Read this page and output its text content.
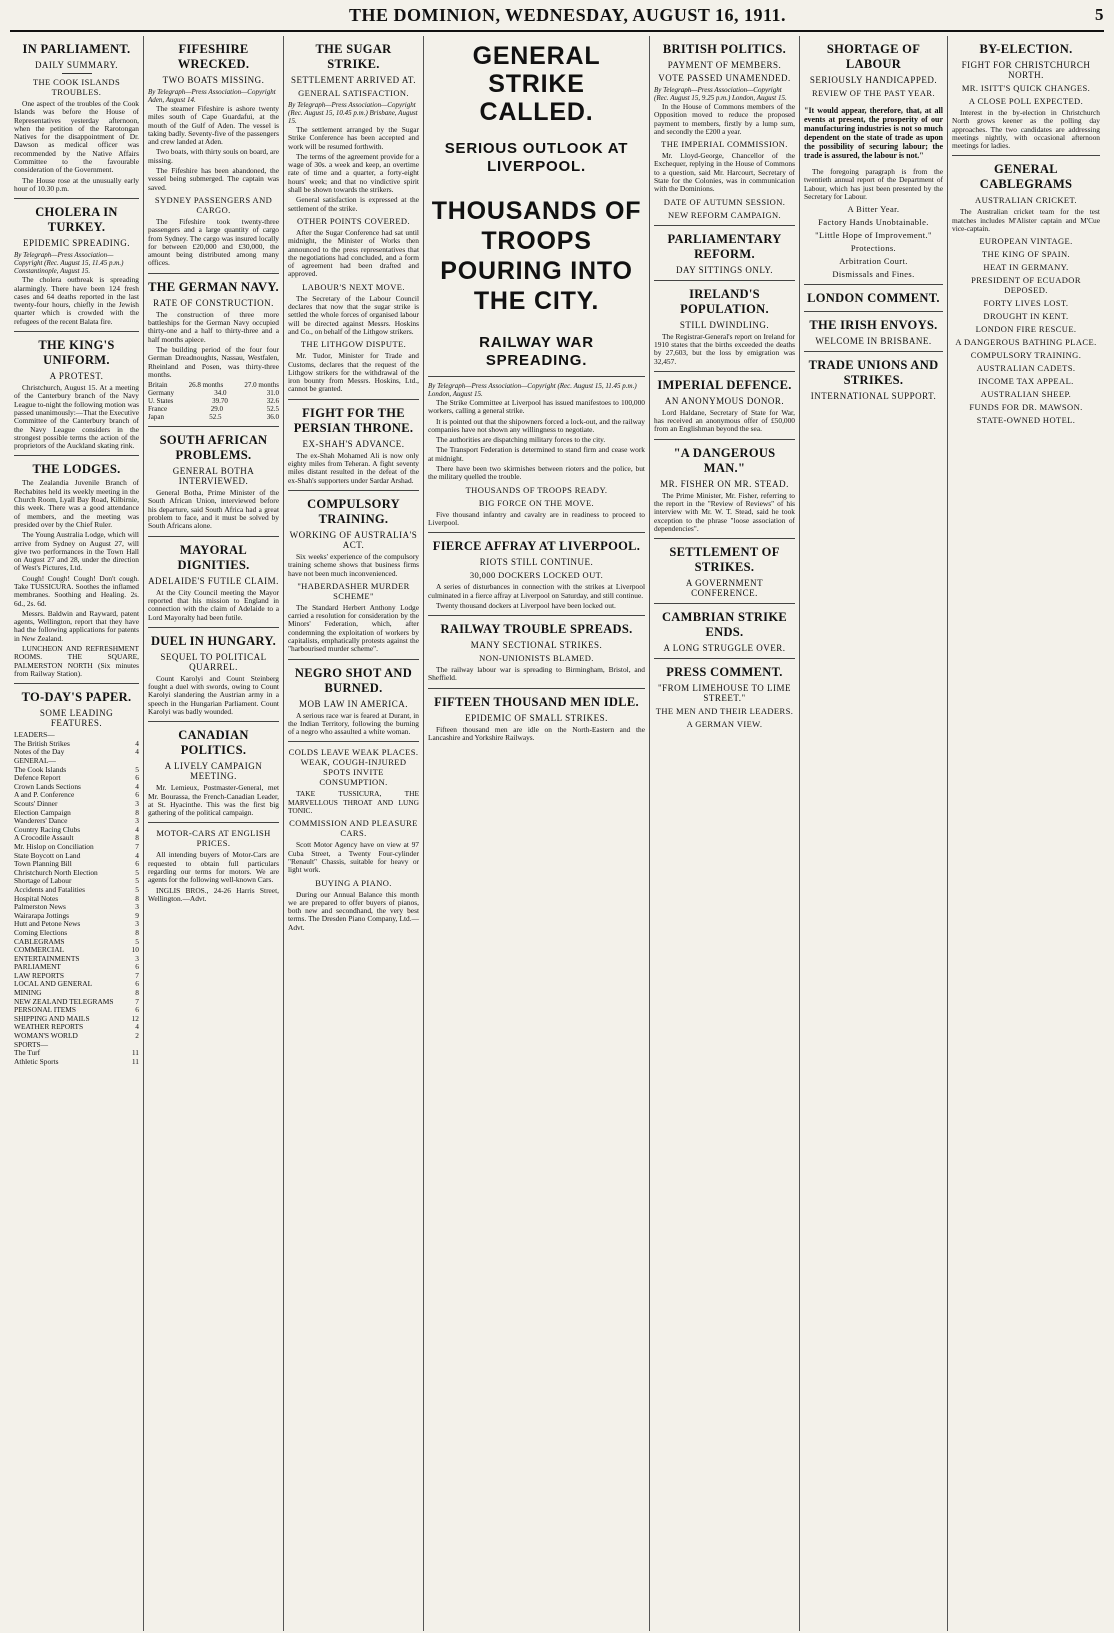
THE DOMINION, WEDNESDAY, AUGUST 16, 1911.	5
IN PARLIAMENT.
DAILY SUMMARY.
THE COOK ISLANDS TROUBLES.

One aspect of the troubles of the Cook Islands was before the House of Representatives yesterday afternoon, when the petition of the Rarotongan Natives for the disappointment of Dr. Dawson as medical officer was recommended by the Native Affairs Committee to the favourable consideration of the Government.

The House rose at the unusually early hour of 10.30 p.m.

CHOLERA IN TURKEY.
EPIDEMIC SPREADING.
By Telegraph—Press Association—Copyright (Rec. August 15, 11.45 p.m.) Constantinople, August 15.

The cholera outbreak is spreading alarmingly. There have been 124 fresh cases and 64 deaths reported in the last twenty-four hours, chiefly in the Jewish quarter which is crowded with the refugees of the recent Balata fire.

THE KING'S UNIFORM.
A PROTEST.

Christchurch, August 15. At a meeting of the Canterbury branch of the Navy League to-night the following motion was passed unanimously:—That the Executive Committee of the Canterbury branch of the Navy League considers in the strongest possible terms the action of the proprietors of the Auckland skating rink.

THE LODGES.

The Zealandia Juvenile Branch of Rechabites held its weekly meeting in the Church Room, Lyall Bay Road, Kilbirnie, this week. There was a good attendance of members, and the meeting was presided over by the Chief Ruler.

The Young Australia Lodge, which will arrive from Sydney on August 27, will give two performances in the Town Hall on August 27 and 28, under the direction of West's Pictures, Ltd.

Cough! Cough! Cough! Don't cough. Take TUSSICURA. Soothes the inflamed membranes. Soothing and Healing. 2s. 6d., 2s. 6d.

Messrs. Baldwin and Rayward, patent agents, Wellington, report that they have had the following applications for patents in New Zealand.

LUNCHEON AND REFRESHMENT ROOMS. THE SQUARE, PALMERSTON NORTH (Six minutes from Railway Station).

TO-DAY'S PAPER.
SOME LEADING FEATURES.
LEADERS—
The British Strikes	4
Notes of the Day	4
GENERAL—
The Cook Islands	5
Defence Report	6
Crown Lands Sections	4
A and P. Conference	6
Scouts' Dinner	3
Election Campaign	8
Wanderers' Dance	3
Country Racing Clubs	4
A Crocodile Assault	8
Mr. Hislop on Conciliation	7
State Boycott on Land	4
Town Planning Bill	6
Christchurch North Election	5
Shortage of Labour	5
Accidents and Fatalities	5
Hospital Notes	8
Palmerston News	3
Wairarapa Jottings	9
Hutt and Petone News	3
Coming Elections	8
CABLEGRAMS	5
COMMERCIAL	10
ENTERTAINMENTS	3
PARLIAMENT	6
LAW REPORTS	7
LOCAL AND GENERAL	6
MINING	8
NEW ZEALAND TELEGRAMS	7
PERSONAL ITEMS	6
SHIPPING AND MAILS	12
WEATHER REPORTS	4
WOMAN'S WORLD	2
SPORTS—
The Turf	11
Athletic Sports	11
FIFESHIRE WRECKED.
TWO BOATS MISSING.
By Telegraph—Press Association—Copyright Aden, August 14.

The steamer Fifeshire is ashore twenty miles south of Cape Guardafui, at the mouth of the Gulf of Aden. The vessel is taking badly. Seventy-five of the passengers and crew landed at Aden.

Two boats, with thirty souls on board, are missing.

The Fifeshire has been abandoned, the vessel being submerged. The captain was saved.

SYDNEY PASSENGERS AND CARGO.

The Fifeshire took twenty-three passengers and a large quantity of cargo from Sydney. The cargo was insured locally for between £20,000 and £30,000, the amount being distributed among many offices.

THE GERMAN NAVY.
RATE OF CONSTRUCTION.

The construction of three more battleships for the German Navy occupied thirty-one and a half to thirty-three and a half months apiece.

The building period of the four four German Dreadnoughts, Nassau, Westfalen, Rheinland and Posen, was thirty-three months.

Britain	26.8 months	27.0 months
Germany	34.0	31.0
U. States	39.70	32.6
France	29.0	52.5
Japan	52.5	36.0
SOUTH AFRICAN PROBLEMS.
GENERAL BOTHA INTERVIEWED.

General Botha, Prime Minister of the South African Union, interviewed before his departure, said South Africa had a great problem to face, and it must be solved by South Africans alone.

MAYORAL DIGNITIES.
ADELAIDE'S FUTILE CLAIM.

At the City Council meeting the Mayor reported that his mission to England in connection with the claim of Adelaide to a Lord Mayoralty had been futile.

DUEL IN HUNGARY.
SEQUEL TO POLITICAL QUARREL.

Count Karolyi and Count Steinberg fought a duel with swords, owing to Count Karolyi slandering the Austrian army in a speech in the Hungarian Parliament. Count Karolyi was badly wounded.

CANADIAN POLITICS.
A LIVELY CAMPAIGN MEETING.

Mr. Lemieux, Postmaster-General, met Mr. Bourassa, the French-Canadian Leader, at St. Hyacinthe. This was the first big gathering of the political campaign.

MOTOR-CARS AT ENGLISH PRICES.

All intending buyers of Motor-Cars are requested to obtain full particulars regarding our terms for motors. We are agents for the following well-known Cars.

INGLIS BROS., 24-26 Harris Street, Wellington.—Advt.

THE SUGAR STRIKE.
SETTLEMENT ARRIVED AT.
GENERAL SATISFACTION.
By Telegraph—Press Association—Copyright (Rec. August 15, 10.45 p.m.) Brisbane, August 15.

The settlement arranged by the Sugar Strike Conference has been accepted and work will be resumed forthwith.

The terms of the agreement provide for a wage of 30s. a week and keep, an overtime rate of time and a quarter, a forty-eight hours' week; and that no vindictive spirit shall be shown towards the strikers.

General satisfaction is expressed at the settlement of the strike.

OTHER POINTS COVERED.

After the Sugar Conference had sat until midnight, the Minister of Works then announced to the press representatives that the negotiations had concluded, and a form of agreement had been drafted and approved.

LABOUR'S NEXT MOVE.

The Secretary of the Labour Council declares that now that the sugar strike is settled the whole forces of organised labour will be directed against Messrs. Hoskins and Co., on behalf of the Lithgow strikers.

THE LITHGOW DISPUTE.

Mr. Tudor, Minister for Trade and Customs, declares that the request of the Lithgow strikers for the withdrawal of the iron bounty from Messrs. Hoskins, Ltd., cannot be granted.

FIGHT FOR THE PERSIAN THRONE.
EX-SHAH'S ADVANCE.

The ex-Shah Mohamed Ali is now only eighty miles from Teheran. A fight seventy miles distant resulted in the defeat of the ex-Shah's supporters under Sardar Arshad.

COMPULSORY TRAINING.
WORKING OF AUSTRALIA'S ACT.

Six weeks' experience of the compulsory training scheme shows that business firms have not been much inconvenienced.

"HABERDASHER MURDER SCHEME"

The Standard Herbert Anthony Lodge carried a resolution for consideration by the Minors' Federation, which, after condemning the exploitation of workers by capitalists, emphatically protests against the "harbourised murder scheme".

NEGRO SHOT AND BURNED.
MOB LAW IN AMERICA.

A serious race war is feared at Durant, in the Indian Territory, following the burning of a negro who assaulted a white woman.

COLDS LEAVE WEAK PLACES. WEAK, COUGH-INJURED SPOTS INVITE CONSUMPTION.

TAKE TUSSICURA, THE MARVELLOUS THROAT AND LUNG TONIC.

COMMISSION AND PLEASURE CARS.

Scott Motor Agency have on view at 97 Cuba Street, a Twenty Four-cylinder "Renault" Chassis, suitable for heavy or light work.

BUYING A PIANO.

During our Annual Balance this month we are prepared to offer buyers of pianos, both new and secondhand, the very best terms. The Dresden Piano Company, Ltd.—Advt.

GENERAL STRIKE CALLED.
SERIOUS OUTLOOK AT LIVERPOOL.
THOUSANDS OF TROOPS POURING INTO THE CITY.
RAILWAY WAR SPREADING.
By Telegraph—Press Association—Copyright (Rec. August 15, 11.45 p.m.) London, August 15.

The Strike Committee at Liverpool has issued manifestoes to 100,000 workers, calling a general strike.

It is pointed out that the shipowners forced a lock-out, and the railway companies have not shown any willingness to negotiate.

The authorities are dispatching military forces to the city.

The Transport Federation is determined to stand firm and cease work at midnight.

There have been two skirmishes between rioters and the police, but the military quelled the trouble.

THOUSANDS OF TROOPS READY.
BIG FORCE ON THE MOVE.

Five thousand infantry and cavalry are in readiness to proceed to Liverpool.

FIERCE AFFRAY AT LIVERPOOL.
RIOTS STILL CONTINUE.
30,000 DOCKERS LOCKED OUT.

A series of disturbances in connection with the strikes at Liverpool culminated in a fierce affray at Liverpool on Saturday, and still continue.

Twenty thousand dockers at Liverpool have been locked out.

RAILWAY TROUBLE SPREADS.
MANY SECTIONAL STRIKES.
NON-UNIONISTS BLAMED.

The railway labour war is spreading to Birmingham, Bristol, and Sheffield.

FIFTEEN THOUSAND MEN IDLE.
EPIDEMIC OF SMALL STRIKES.

Fifteen thousand men are idle on the North-Eastern and the Lancashire and Yorkshire Railways.

BRITISH POLITICS.
PAYMENT OF MEMBERS.
VOTE PASSED UNAMENDED.
By Telegraph—Press Association—Copyright (Rec. August 15, 9.25 p.m.) London, August 15.

In the House of Commons members of the Opposition moved to reduce the proposed payment to members, firstly by a lump sum, and secondly the £200 a year.

THE IMPERIAL COMMISSION.

Mr. Lloyd-George, Chancellor of the Exchequer, replying in the House of Commons to a question, said Mr. Harcourt, Secretary of State for the Colonies, was in communication with the Dominions.

DATE OF AUTUMN SESSION.
NEW REFORM CAMPAIGN.
PARLIAMENTARY REFORM.
DAY SITTINGS ONLY.
IRELAND'S POPULATION.
STILL DWINDLING.

The Registrar-General's report on Ireland for 1910 states that the births exceeded the deaths by 27,603, but the loss by emigration was 32,457.

IMPERIAL DEFENCE.
AN ANONYMOUS DONOR.

Lord Haldane, Secretary of State for War, has received an anonymous offer of £50,000 from an Englishman beyond the sea.

"A DANGEROUS MAN."
MR. FISHER ON MR. STEAD.

The Prime Minister, Mr. Fisher, referring to the report in the "Review of Reviews" of his interview with Mr. W. T. Stead, said he took exception to the phrase "loose association of dependencies".

SETTLEMENT OF STRIKES.
A GOVERNMENT CONFERENCE.
CAMBRIAN STRIKE ENDS.
A LONG STRUGGLE OVER.
PRESS COMMENT.
"FROM LIMEHOUSE TO LIME STREET."
THE MEN AND THEIR LEADERS.
A GERMAN VIEW.
SHORTAGE OF LABOUR
SERIOUSLY HANDICAPPED.
REVIEW OF THE PAST YEAR.

"It would appear, therefore, that, at all events at present, the prosperity of our manufacturing industries is not so much dependent on the state of trade as upon the possibility of securing labour; the trade is assured, the labour is not."

The foregoing paragraph is from the twentieth annual report of the Department of Labour, which has just been presented by the Secretary for Labour.

A Bitter Year.
Factory Hands Unobtainable.
"Little Hope of Improvement."
Protections.
Arbitration Court.
Dismissals and Fines.
LONDON COMMENT.
THE IRISH ENVOYS.
WELCOME IN BRISBANE.
TRADE UNIONS AND STRIKES.
INTERNATIONAL SUPPORT.
BY-ELECTION.
FIGHT FOR CHRISTCHURCH NORTH.
MR. ISITT'S QUICK CHANGES.
A CLOSE POLL EXPECTED.

Interest in the by-election in Christchurch North grows keener as the polling day approaches. The two candidates are addressing meetings nightly, with occasional afternoon meetings for ladies.

GENERAL CABLEGRAMS
AUSTRALIAN CRICKET.

The Australian cricket team for the test matches includes M'Alister captain and M'Cue vice-captain.

EUROPEAN VINTAGE.
THE KING OF SPAIN.
HEAT IN GERMANY.
PRESIDENT OF ECUADOR DEPOSED.
FORTY LIVES LOST.
DROUGHT IN KENT.
LONDON FIRE RESCUE.
A DANGEROUS BATHING PLACE.
COMPULSORY TRAINING.
AUSTRALIAN CADETS.
INCOME TAX APPEAL.
AUSTRALIAN SHEEP.
FUNDS FOR DR. MAWSON.
STATE-OWNED HOTEL.
